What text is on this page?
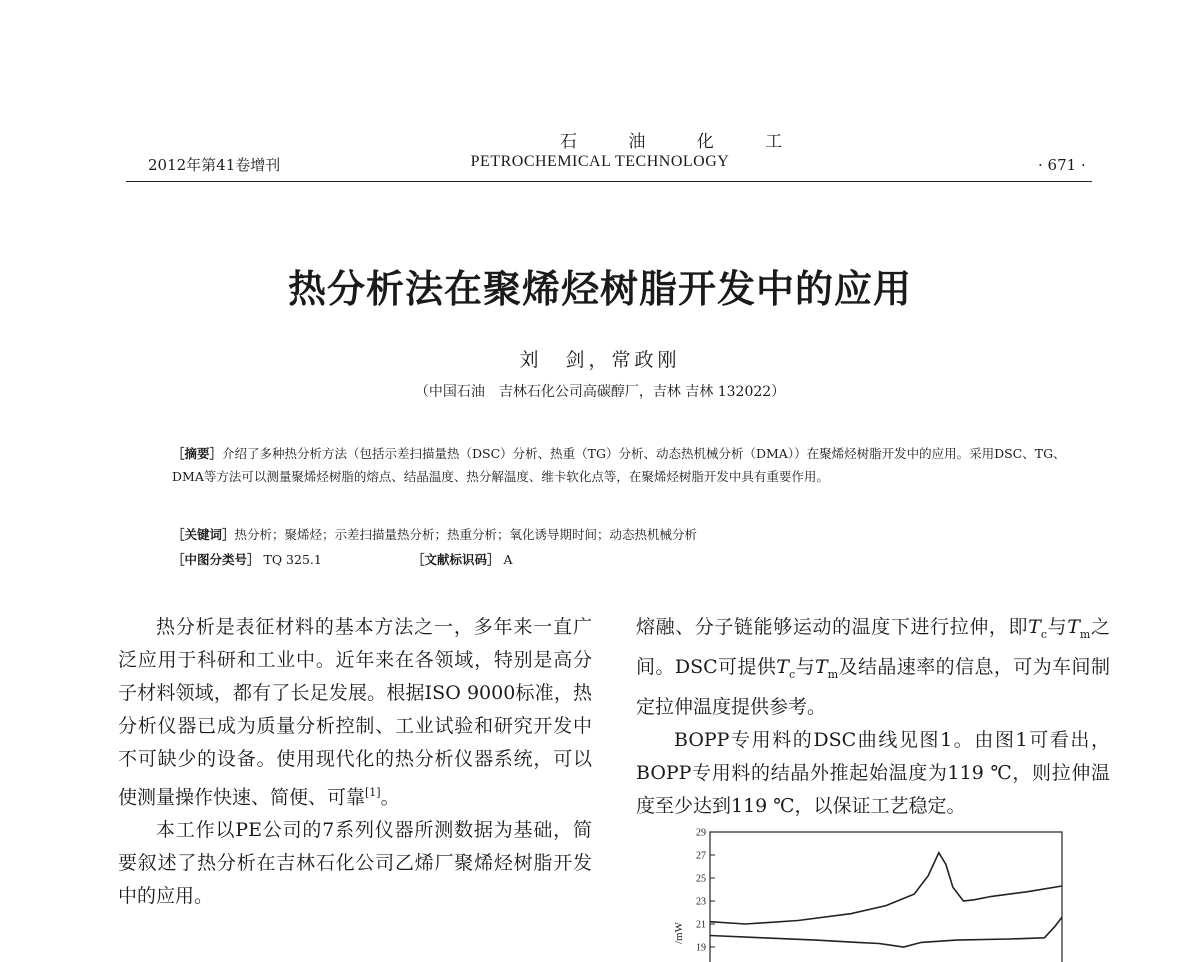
石 油 化 工
2012年第41卷增刊	PETROCHEMICAL TECHNOLOGY	· 671 ·
热分析法在聚烯烃树脂开发中的应用
刘　剑，常政刚
（中国石油　吉林石化公司高碳醇厂，吉林 吉林 132022）
［摘要］介绍了多种热分析方法（包括示差扫描量热（DSC）分析、热重（TG）分析、动态热机械分析（DMA））在聚烯烃树脂开发中的应用。采用DSC、TG、DMA等方法可以测量聚烯烃树脂的熔点、结晶温度、热分解温度、维卡软化点等，在聚烯烃树脂开发中具有重要作用。
［关键词］热分析；聚烯烃；示差扫描量热分析；热重分析；氧化诱导期时间；动态热机械分析
［中图分类号］ TQ 325.1	［文献标识码］ A

热分析是表征材料的基本方法之一，多年来一直广泛应用于科研和工业中。近年来在各领域，特别是高分子材料领域，都有了长足发展。根据ISO 9000标准，热分析仪器已成为质量分析控制、工业试验和研究开发中不可缺少的设备。使用现代化的热分析仪器系统，可以使测量操作快速、简便、可靠[1]。

本工作以PE公司的7系列仪器所测数据为基础，简要叙述了热分析在吉林石化公司乙烯厂聚烯烃树脂开发中的应用。

熔融、分子链能够运动的温度下进行拉伸，即$T_c$与$T_m$之间。DSC可提供$T_c$与$T_m$及结晶速率的信息，可为车间制定拉伸温度提供参考。

BOPP专用料的DSC曲线见图1。由图1可看出，BOPP专用料的结晶外推起始温度为119 ℃，则拉伸温度至少达到119 ℃，以保证工艺稳定。

29
27
25
23
21
19
/mW
